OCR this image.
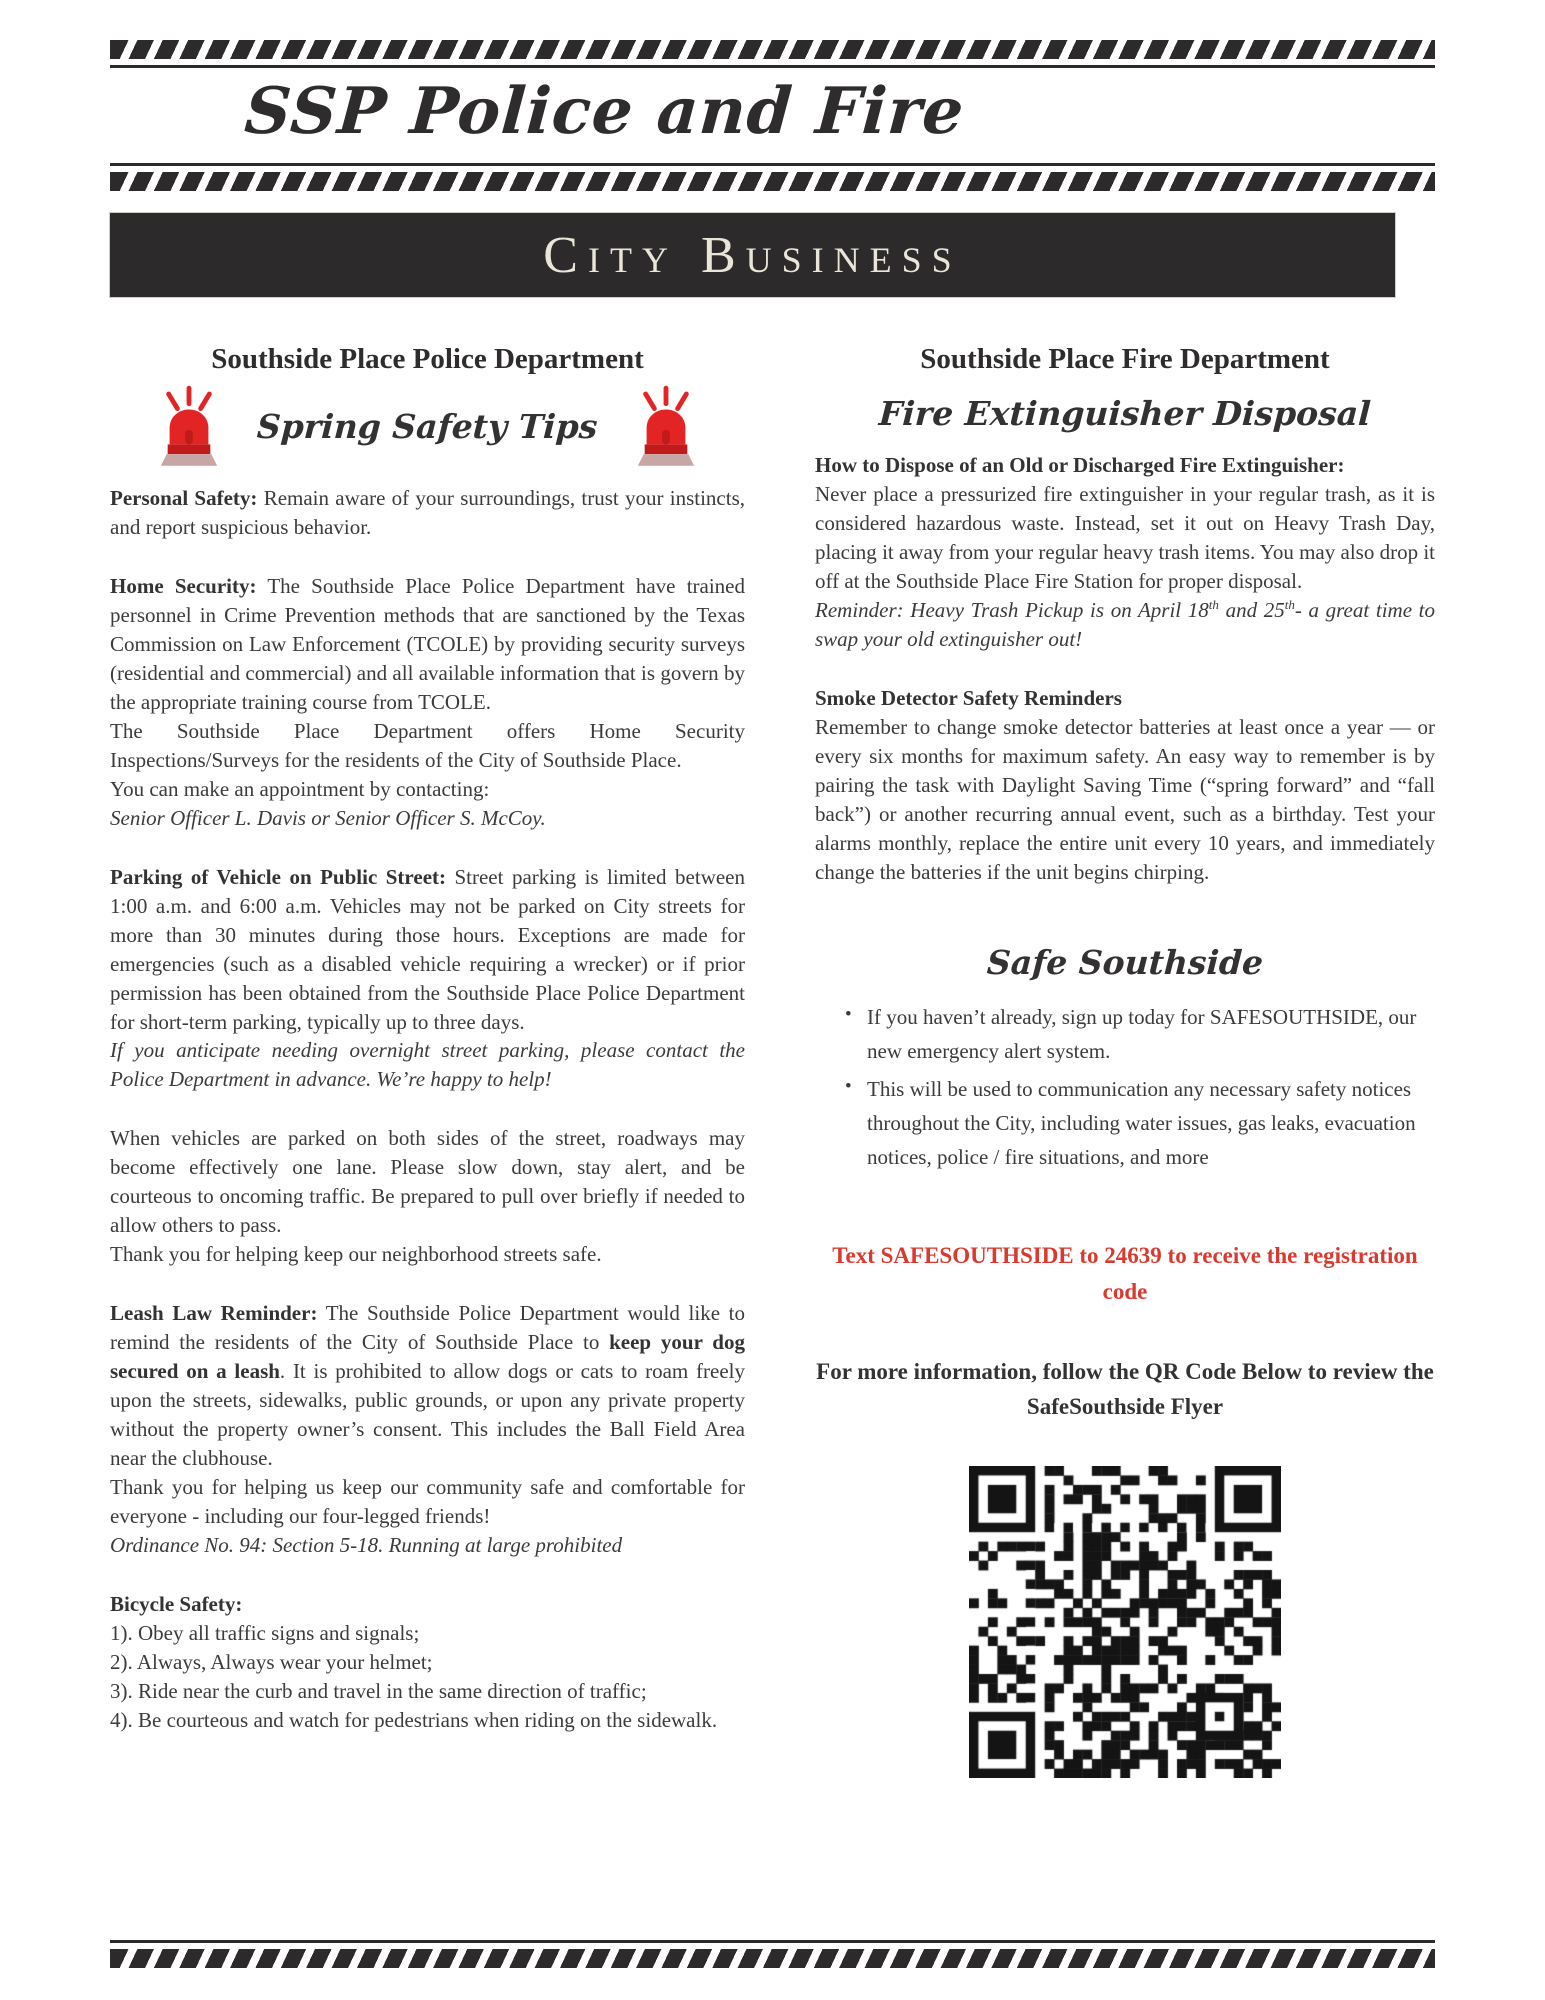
SSP Police and Fire
City Business
Southside Place Police Department
Spring Safety Tips

Personal Safety: Remain aware of your surroundings, trust your instincts, and report suspicious behavior.

Home Security: The Southside Place Police Department have trained personnel in Crime Prevention methods that are sanctioned by the Texas Commission on Law Enforcement (TCOLE) by providing security surveys (residential and commercial) and all available information that is govern by the appropriate training course from TCOLE.

The Southside Place Department offers Home Security Inspections/Surveys for the residents of the City of Southside Place.

You can make an appointment by contacting:

Senior Officer L. Davis or Senior Officer S. McCoy.

Parking of Vehicle on Public Street: Street parking is limited between 1:00 a.m. and 6:00 a.m. Vehicles may not be parked on City streets for more than 30 minutes during those hours. Exceptions are made for emergencies (such as a disabled vehicle requiring a wrecker) or if prior permission has been obtained from the Southside Place Police Department for short-term parking, typically up to three days.

If you anticipate needing overnight street parking, please contact the Police Department in advance. We’re happy to help!

When vehicles are parked on both sides of the street, roadways may become effectively one lane. Please slow down, stay alert, and be courteous to oncoming traffic. Be prepared to pull over briefly if needed to allow others to pass.

Thank you for helping keep our neighborhood streets safe.

Leash Law Reminder: The Southside Police Department would like to remind the residents of the City of Southside Place to keep your dog secured on a leash. It is prohibited to allow dogs or cats to roam freely upon the streets, sidewalks, public grounds, or upon any private property without the property owner’s consent. This includes the Ball Field Area near the clubhouse.

Thank you for helping us keep our community safe and comfortable for everyone - including our four-legged friends!

Ordinance No. 94: Section 5-18. Running at large prohibited

Bicycle Safety:

1). Obey all traffic signs and signals;

2). Always, Always wear your helmet;

3). Ride near the curb and travel in the same direction of traffic;

4). Be courteous and watch for pedestrians when riding on the sidewalk.

Southside Place Fire Department
Fire Extinguisher Disposal

How to Dispose of an Old or Discharged Fire Extinguisher:

Never place a pressurized fire extinguisher in your regular trash, as it is considered hazardous waste. Instead, set it out on Heavy Trash Day, placing it away from your regular heavy trash items. You may also drop it off at the Southside Place Fire Station for proper disposal.

Reminder: Heavy Trash Pickup is on April 18th and 25th- a great time to swap your old extinguisher out!

Smoke Detector Safety Reminders

Remember to change smoke detector batteries at least once a year — or every six months for maximum safety. An easy way to remember is by pairing the task with Daylight Saving Time (“spring forward” and “fall back”) or another recurring annual event, such as a birthday. Test your alarms monthly, replace the entire unit every 10 years, and immediately change the batteries if the unit begins chirping.

Safe Southside
• If you haven’t already, sign up today for SAFESOUTHSIDE, our new emergency alert system.
• This will be used to communication any necessary safety notices throughout the City, including water issues, gas leaks, evacuation notices, police / fire situations, and more
Text SAFESOUTHSIDE to 24639 to receive the registration code
For more information, follow the QR Code Below to review the SafeSouthside Flyer
